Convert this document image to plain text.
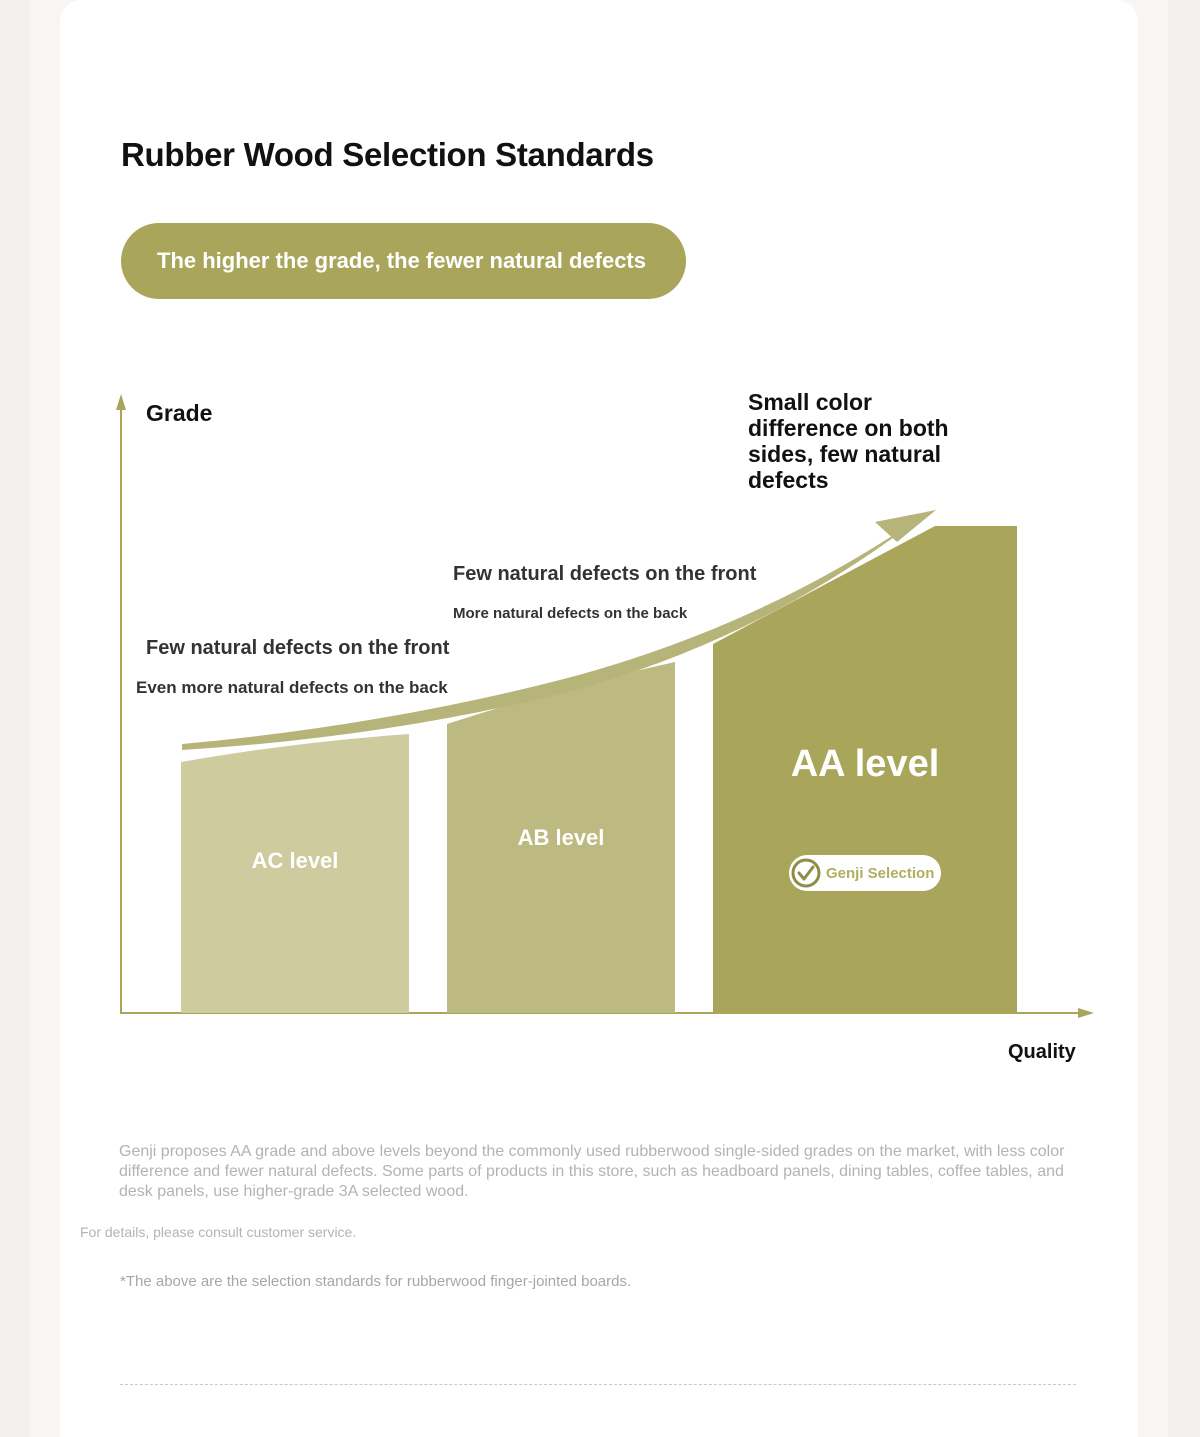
Rubber Wood Selection Standards
The higher the grade, the fewer natural defects
Grade
Quality
AC level
AB level
AA level
Few natural defects on the front
Even more natural defects on the back
Few natural defects on the front
More natural defects on the back
Small color
difference on both
sides, few natural
defects
Genji Selection

Genji proposes AA grade and above levels beyond the commonly used rubberwood single-sided grades on the market, with less color difference and fewer natural defects. Some parts of products in this store, such as headboard panels, dining tables, coffee tables, and desk panels, use higher-grade 3A selected wood.

For details, please consult customer service.
*The above are the selection standards for rubberwood finger-jointed boards.
